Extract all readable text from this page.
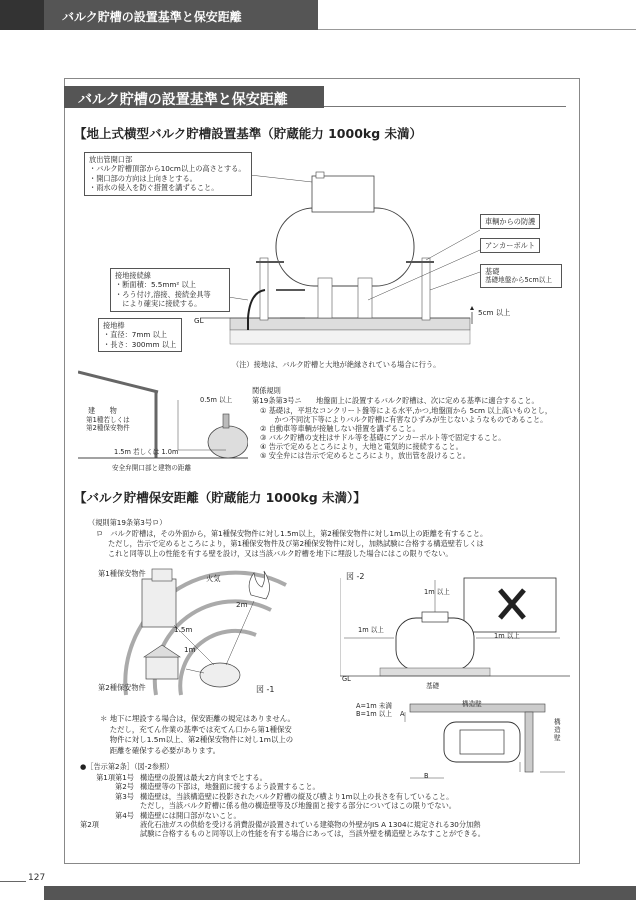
バルク貯槽の設置基準と保安距離
バルク貯槽の設置基準と保安距離
【地上式横型バルク貯槽設置基準（貯蔵能力 1000kg 未満）
放出管開口部
・バルク貯槽頂部から10cm以上の高さとする。
・開口部の方向は上向きとする。
・雨水の侵入を防ぐ措置を講ずること。
車輌からの防護
アンカーボルト
基礎
基礎地盤から5cm以上
5cm 以上
GL
接地接続線
・断面積：5.5mm² 以上
・ろう付け,溶接、接続金具等
　により確実に接続する。
接地棒
・直径：7mm 以上
・長さ：300mm 以上
（注）接地は、バルク貯槽と大地が絶縁されている場合に行う。
0.5m 以上
建　　物
第1種若しくは
第2種保安物件
1.5m 若しくは 1.0m
安全弁開口部と建物の距離
関係規則
第19条第3号ニ　　地盤面上に設置するバルク貯槽は、次に定める基準に適合すること。
① 基礎は，平坦なコンクリート盤等による水平,かつ,地盤面から 5cm 以上高いものとし，
　　かつ不同沈下等によりバルク貯槽に有害なひずみが生じないようなものであること。
② 自動車等車輌が接触しない措置を講ずること。
③ バルク貯槽の支柱はサドル等を基礎にアンカーボルト等で固定すること。
④ 告示で定めるところにより，大地と電気的に接続すること。
⑤ 安全弁には告示で定めるところにより，放出管を設けること。
【バルク貯槽保安距離（貯蔵能力 1000kg 未満）】
（規則第19条第3号ロ）
ロ　バルク貯槽は，その外面から，第1種保安物件に対し1.5m以上，第2種保安物件に対し1m以上の距離を有すること。
ただし，告示で定めるところにより，第1種保安物件及び第2種保安物件に対し，加熱試験に合格する構造壁若しくは
これと同等以上の性能を有する壁を設け，又は当該バルク貯槽を地下に埋設した場合にはこの限りでない。
第1種保安物件
第2種保安物件
火気
2m
1.5m
1m
図 -1
図 -2
1m 以上
1m 以上
1m 以上
GL
基礎
A=1m 未満
B=1m 以上
構造壁
構造壁
A
B
＊ 地下に埋設する場合は，保安距離の規定はありません。
　 ただし，充てん作業の基準では充てん口から第1種保安
　 物件に対し1.5m以上、第2種保安物件に対し1m以上の
　 距離を確保する必要があります。
●［告示第2条］（図-2参照）
第1項第1号 構造壁の設置は最大2方向までとする。
第2号 構造壁等の下部は，地盤面に接するよう設置すること。
第3号 構造壁は，当該構造壁に投影されたバルク貯槽の縦及び横より1m以上の長さを有していること。
ただし，当該バルク貯槽に係る他の構造壁等及び地盤面と接する部分についてはこの限りでない。
第4号 構造壁には開口部がないこと。
第2項	液化石油ガスの供給を受ける消費設備が設置されている建築物の外壁がJIS A 1304に規定される30分加熱
試験に合格するものと同等以上の性能を有する場合にあっては，当該外壁を構造壁とみなすことができる。
127
